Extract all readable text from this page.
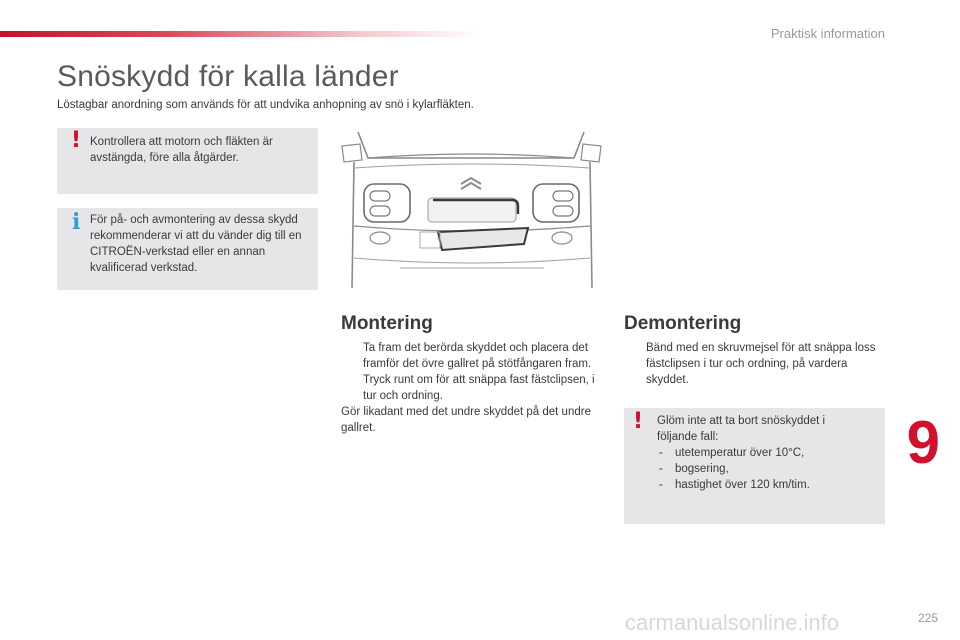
Praktisk information
Snöskydd för kalla länder
Löstagbar anordning som används för att undvika anhopning av snö i kylarfläkten.
! Kontrollera att motorn och fläkten är avstängda, före alla åtgärder.
i För på- och avmontering av dessa skydd rekommenderar vi att du vänder dig till en CITROËN-verkstad eller en annan kvalificerad verkstad.
Montering
Ta fram det berörda skyddet och placera det framför det övre gallret på stötfångaren fram.
Tryck runt om för att snäppa fast fästclipsen, i tur och ordning.
Gör likadant med det undre skyddet på det undre gallret.
Demontering
Bänd med en skruvmejsel för att snäppa loss fästclipsen i tur och ordning, på vardera skyddet.
! Glöm inte att ta bort snöskyddet i följande fall:
- utetemperatur över 10°C,
- bogsering,
- hastighet över 120 km/tim.
9
carmanualsonline.info	225
